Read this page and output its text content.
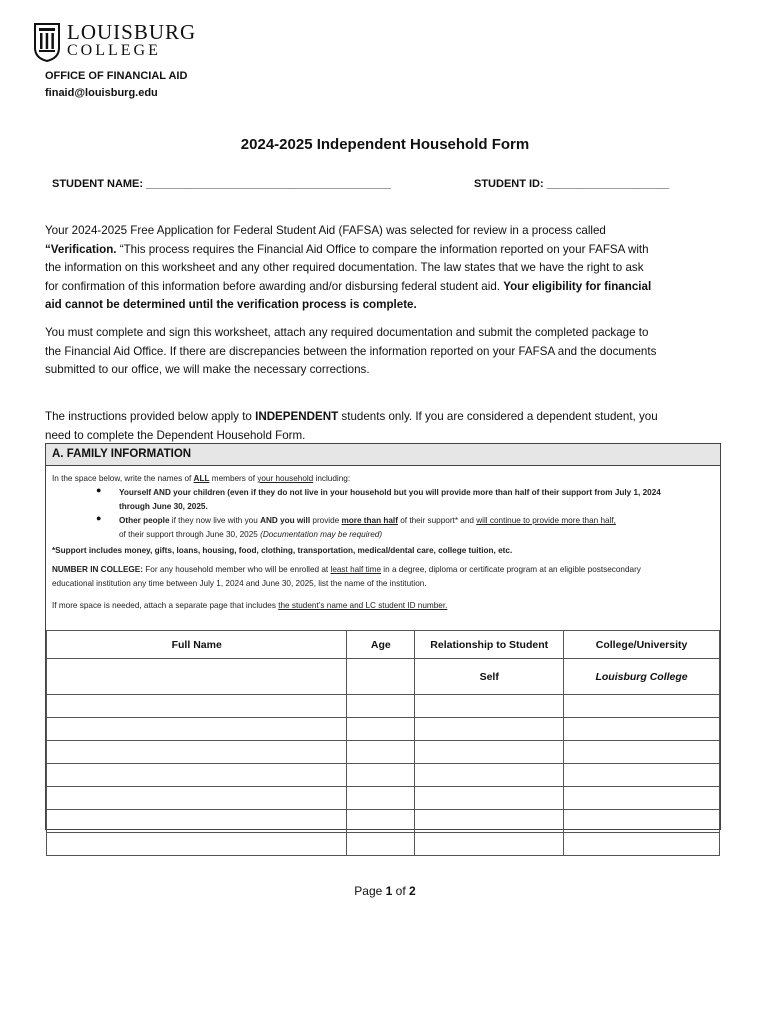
LOUISBURG
COLLEGE
OFFICE OF FINANCIAL AID
finaid@louisburg.edu
2024-2025 Independent Household Form
STUDENT NAME: ________________________________________	STUDENT ID: ____________________
Your 2024-2025 Free Application for Federal Student Aid (FAFSA) was selected for review in a process called
“Verification. “This process requires the Financial Aid Office to compare the information reported on your FAFSA with
the information on this worksheet and any other required documentation. The law states that we have the right to ask
for confirmation of this information before awarding and/or disbursing federal student aid. Your eligibility for financial
aid cannot be determined until the verification process is complete.
You must complete and sign this worksheet, attach any required documentation and submit the completed package to
the Financial Aid Office. If there are discrepancies between the information reported on your FAFSA and the documents
submitted to our office, we will make the necessary corrections.
The instructions provided below apply to INDEPENDENT students only. If you are considered a dependent student, you
need to complete the Dependent Household Form.
A. FAMILY INFORMATION
In the space below, write the names of ALL members of your household including:
● Yourself AND your children (even if they do not live in your household but you will provide more than half of their support from July 1, 2024
through June 30, 2025.
● Other people if they now live with you AND you will provide more than half of their support* and will continue to provide more than half,
of their support through June 30, 2025 (Documentation may be required)
*Support includes money, gifts, loans, housing, food, clothing, transportation, medical/dental care, college tuition, etc.
NUMBER IN COLLEGE: For any household member who will be enrolled at least half time in a degree, diploma or certificate program at an eligible postsecondary
educational institution any time between July 1, 2024 and June 30, 2025, list the name of the institution.
If more space is needed, attach a separate page that includes the student’s name and LC student ID number.
Full Name	Age	Relationship to Student	College/University
		Self	Louisburg College

Page 1 of 2
